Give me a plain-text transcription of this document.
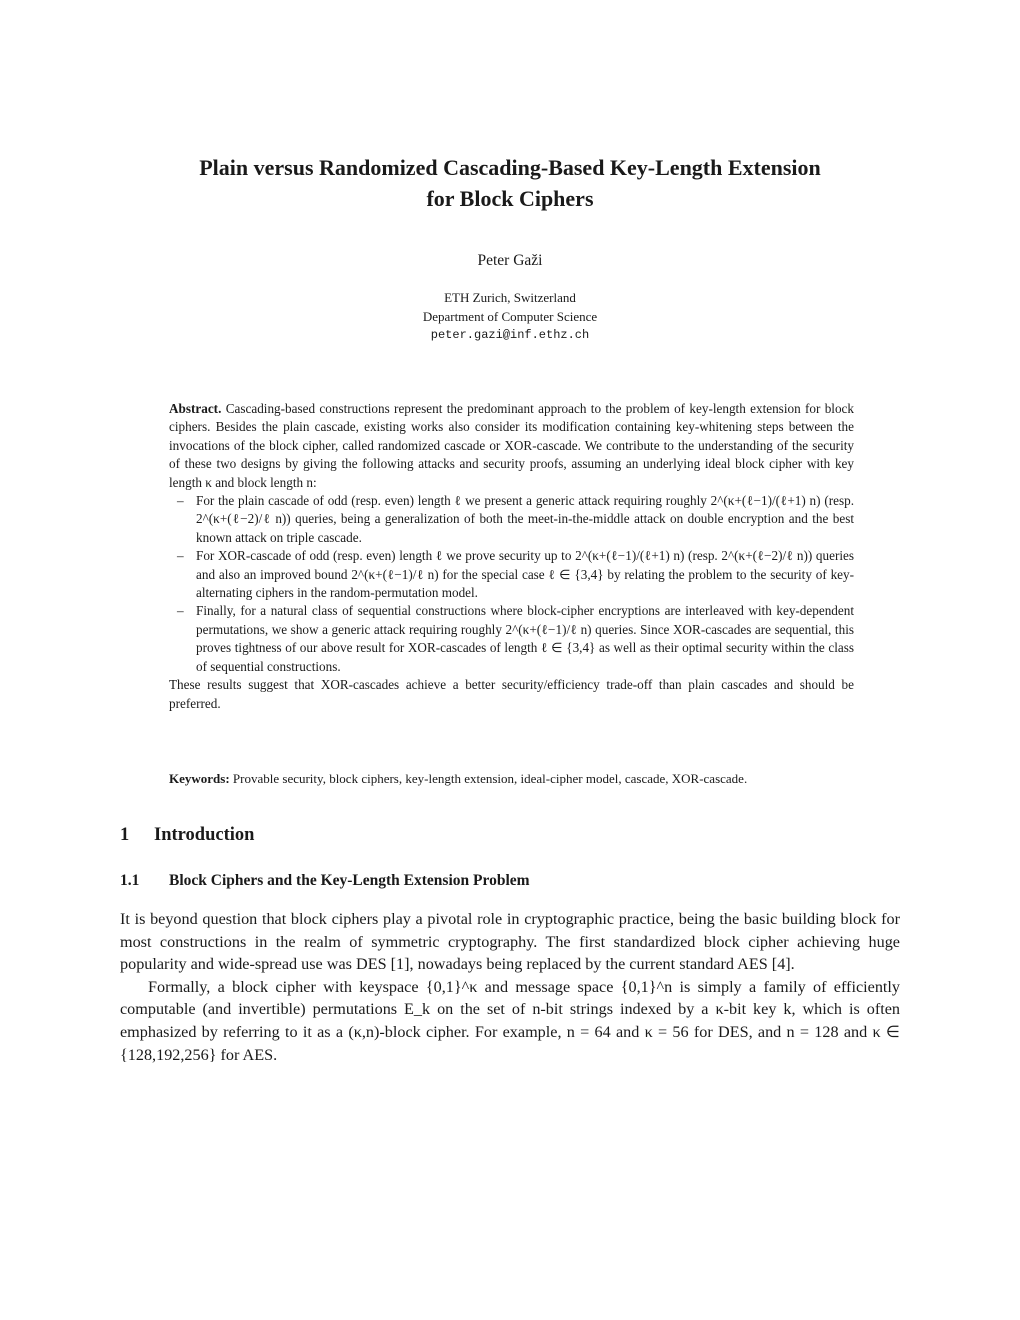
Plain versus Randomized Cascading-Based Key-Length Extension
for Block Ciphers
Peter Gaži
ETH Zurich, Switzerland
Department of Computer Science
peter.gazi@inf.ethz.ch

Abstract. Cascading-based constructions represent the predominant approach to the problem of key-length extension for block ciphers. Besides the plain cascade, existing works also consider its modification containing key-whitening steps between the invocations of the block cipher, called randomized cascade or XOR-cascade. We contribute to the understanding of the security of these two designs by giving the following attacks and security proofs, assuming an underlying ideal block cipher with key length κ and block length n:

– For the plain cascade of odd (resp. even) length ℓ we present a generic attack requiring roughly 2^(κ+(ℓ−1)/(ℓ+1) n) (resp. 2^(κ+(ℓ−2)/ℓ n)) queries, being a generalization of both the meet-in-the-middle attack on double encryption and the best known attack on triple cascade.
– For XOR-cascade of odd (resp. even) length ℓ we prove security up to 2^(κ+(ℓ−1)/(ℓ+1) n) (resp. 2^(κ+(ℓ−2)/ℓ n)) queries and also an improved bound 2^(κ+(ℓ−1)/ℓ n) for the special case ℓ ∈ {3,4} by relating the problem to the security of key-alternating ciphers in the random-permutation model.
– Finally, for a natural class of sequential constructions where block-cipher encryptions are interleaved with key-dependent permutations, we show a generic attack requiring roughly 2^(κ+(ℓ−1)/ℓ n) queries. Since XOR-cascades are sequential, this proves tightness of our above result for XOR-cascades of length ℓ ∈ {3,4} as well as their optimal security within the class of sequential constructions.

These results suggest that XOR-cascades achieve a better security/efficiency trade-off than plain cascades and should be preferred.

Keywords: Provable security, block ciphers, key-length extension, ideal-cipher model, cascade, XOR-cascade.
1 Introduction
1.1 Block Ciphers and the Key-Length Extension Problem

It is beyond question that block ciphers play a pivotal role in cryptographic practice, being the basic building block for most constructions in the realm of symmetric cryptography. The first standardized block cipher achieving huge popularity and wide-spread use was DES [1], nowadays being replaced by the current standard AES [4].

Formally, a block cipher with keyspace {0,1}^κ and message space {0,1}^n is simply a family of efficiently computable (and invertible) permutations E_k on the set of n-bit strings indexed by a κ-bit key k, which is often emphasized by referring to it as a (κ,n)-block cipher. For example, n = 64 and κ = 56 for DES, and n = 128 and κ ∈ {128,192,256} for AES.
